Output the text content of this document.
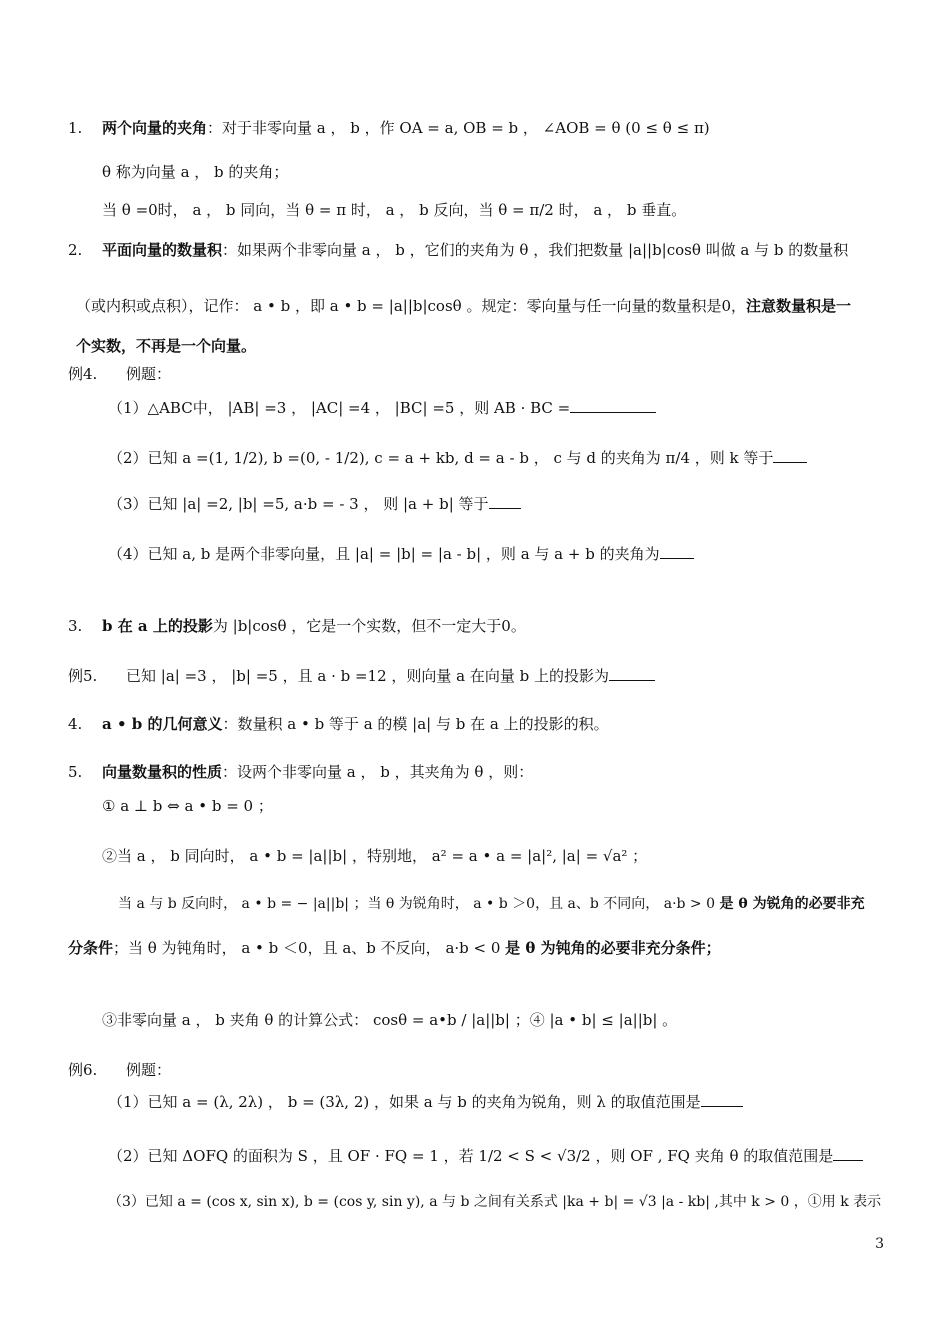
1. 两个向量的夹角：对于非零向量 a ， b ，作 OA = a, OB = b ， ∠AOB = θ (0 ≤ θ ≤ π)
θ 称为向量 a ， b 的夹角；
当 θ =0时， a ， b 同向，当 θ = π 时， a ， b 反向，当 θ = π/2 时， a ， b 垂直。
2. 平面向量的数量积：如果两个非零向量 a ， b ，它们的夹角为 θ ，我们把数量 |a||b|cosθ 叫做 a 与 b 的数量积
（或内积或点积），记作： a • b ，即 a • b = |a||b|cosθ 。规定：零向量与任一向量的数量积是0，注意数量积是一
个实数，不再是一个向量。
例4. 例题：
（1）△ABC中， |AB| =3 ， |AC| =4 ， |BC| =5 ，则 AB · BC =
（2）已知 a =(1, 1/2), b =(0, - 1/2), c = a + kb, d = a - b ， c 与 d 的夹角为 π/4 ，则 k 等于
（3）已知 |a| =2, |b| =5, a·b = - 3 ， 则 |a + b| 等于
（4）已知 a, b 是两个非零向量，且 |a| = |b| = |a - b| ，则 a 与 a + b 的夹角为
3. b 在 a 上的投影为 |b|cosθ ，它是一个实数，但不一定大于0。
例5. 已知 |a| =3 ， |b| =5 ，且 a · b =12 ，则向量 a 在向量 b 上的投影为
4. a • b 的几何意义：数量积 a • b 等于 a 的模 |a| 与 b 在 a 上的投影的积。
5. 向量数量积的性质：设两个非零向量 a ， b ，其夹角为 θ ，则：
① a ⊥ b ⇔ a • b = 0 ；
②当 a ， b 同向时， a • b = |a||b| ，特别地， a² = a • a = |a|², |a| = √a² ；
当 a 与 b 反向时， a • b = − |a||b| ；当 θ 为锐角时， a • b ＞0，且 a、b 不同向， a·b > 0 是 θ 为锐角的必要非充
分条件；当 θ 为钝角时， a • b ＜0，且 a、b 不反向， a·b < 0 是 θ 为钝角的必要非充分条件；
③非零向量 a ， b 夹角 θ 的计算公式： cosθ = a•b / |a||b| ；④ |a • b| ≤ |a||b| 。
例6. 例题：
（1）已知 a = (λ, 2λ) ， b = (3λ, 2) ，如果 a 与 b 的夹角为锐角，则 λ 的取值范围是
（2）已知 ΔOFQ 的面积为 S ，且 OF · FQ = 1 ，若 1/2 < S < √3/2 ，则 OF , FQ 夹角 θ 的取值范围是
（3）已知 a = (cos x, sin x), b = (cos y, sin y), a 与 b 之间有关系式 |ka + b| = √3 |a - kb| ,其中 k > 0 ，①用 k 表示
3
